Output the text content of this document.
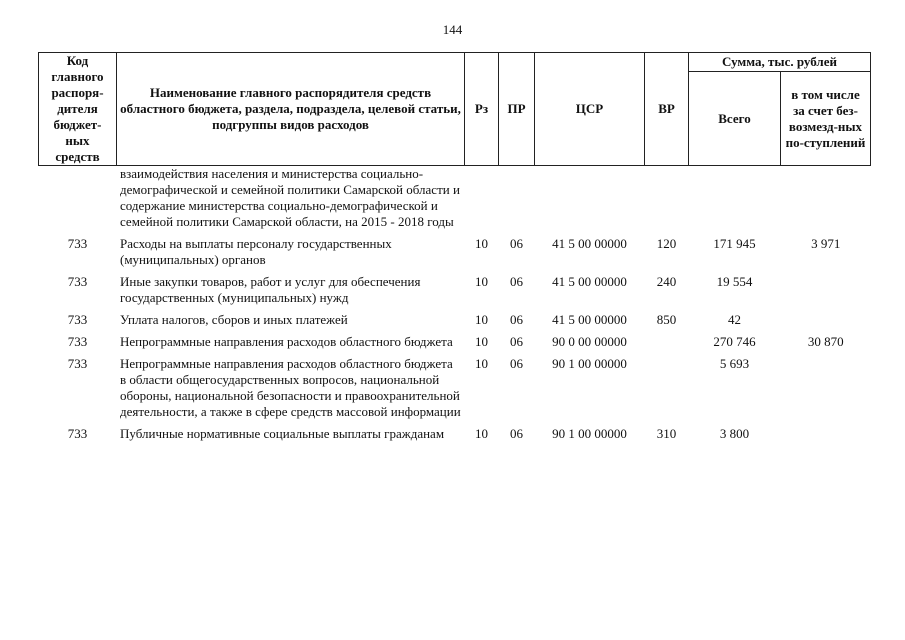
144
Код главного распоря-дителя бюджет-ных средств	Наименование главного распорядителя средств областного бюджета, раздела, подраздела, целевой статьи, подгруппы видов расходов	Рз	ПР	ЦСР	ВР	Сумма, тыс. рублей	
						Всего	в том числе за счет без-возмезд-ных по-ступлений
	взаимодействия населения и министерства социально-демографической и семейной политики Самарской области и содержание министерства социально-демографической и семейной политики Самарской области, на 2015 - 2018 годы						
733	Расходы на выплаты персоналу государственных (муниципальных) органов	10	06	41 5 00 00000	120	171 945	3 971
733	Иные закупки товаров, работ и услуг для обеспечения государственных (муниципальных) нужд	10	06	41 5 00 00000	240	19 554	
733	Уплата налогов, сборов и иных платежей	10	06	41 5 00 00000	850	42	
733	Непрограммные направления расходов областного бюджета	10	06	90 0 00 00000		270 746	30 870
733	Непрограммные направления расходов областного бюджета в области общегосударственных вопросов, национальной обороны, национальной безопасности и правоохранительной деятельности, а также в сфере средств массовой информации	10	06	90 1 00 00000		5 693	
733	Публичные нормативные социальные выплаты гражданам	10	06	90 1 00 00000	310	3 800	
